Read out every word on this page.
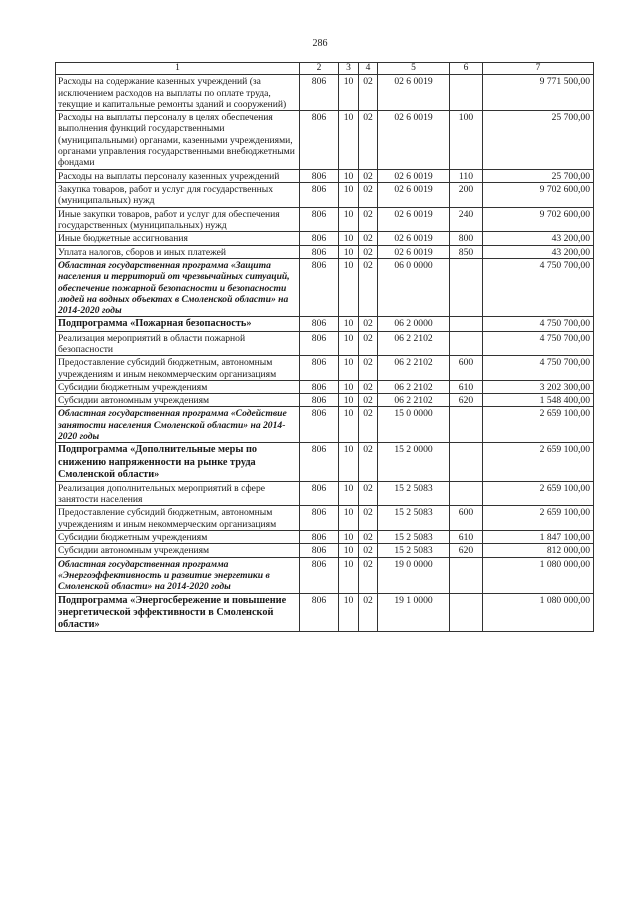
286
1	2	3	4	5	6	7
Расходы на содержание казенных учреждений (за исключением расходов на выплаты по оплате труда, текущие и капитальные ремонты зданий и сооружений)	806	10	02	02 6 0019		9 771 500,00
Расходы на выплаты персоналу в целях обеспечения выполнения функций государственными (муниципальными) органами, казенными учреждениями, органами управления государственными внебюджетными фондами	806	10	02	02 6 0019	100	25 700,00
Расходы на выплаты персоналу казенных учреждений	806	10	02	02 6 0019	110	25 700,00
Закупка товаров, работ и услуг для государственных (муниципальных) нужд	806	10	02	02 6 0019	200	9 702 600,00
Иные закупки товаров, работ и услуг для обеспечения государственных (муниципальных) нужд	806	10	02	02 6 0019	240	9 702 600,00
Иные бюджетные ассигнования	806	10	02	02 6 0019	800	43 200,00
Уплата налогов, сборов и иных платежей	806	10	02	02 6 0019	850	43 200,00
Областная государственная программа «Защита населения и территорий от чрезвычайных ситуаций, обеспечение пожарной безопасности и безопасности людей на водных объектах в Смоленской области» на 2014-2020 годы	806	10	02	06 0 0000		4 750 700,00
Подпрограмма «Пожарная безопасность»	806	10	02	06 2 0000		4 750 700,00
Реализация мероприятий в области пожарной безопасности	806	10	02	06 2 2102		4 750 700,00
Предоставление субсидий бюджетным, автономным учреждениям и иным некоммерческим организациям	806	10	02	06 2 2102	600	4 750 700,00
Субсидии бюджетным учреждениям	806	10	02	06 2 2102	610	3 202 300,00
Субсидии автономным учреждениям	806	10	02	06 2 2102	620	1 548 400,00
Областная государственная программа «Содействие занятости населения Смоленской области» на 2014-2020 годы	806	10	02	15 0 0000		2 659 100,00
Подпрограмма «Дополнительные меры по снижению напряженности на рынке труда Смоленской области»	806	10	02	15 2 0000		2 659 100,00
Реализация дополнительных мероприятий в сфере занятости населения	806	10	02	15 2 5083		2 659 100,00
Предоставление субсидий бюджетным, автономным учреждениям и иным некоммерческим организациям	806	10	02	15 2 5083	600	2 659 100,00
Субсидии бюджетным учреждениям	806	10	02	15 2 5083	610	1 847 100,00
Субсидии автономным учреждениям	806	10	02	15 2 5083	620	812 000,00
Областная государственная программа «Энергоэффективность и развитие энергетики в Смоленской области» на 2014-2020 годы	806	10	02	19 0 0000		1 080 000,00
Подпрограмма «Энергосбережение и повышение энергетической эффективности в Смоленской области»	806	10	02	19 1 0000		1 080 000,00
